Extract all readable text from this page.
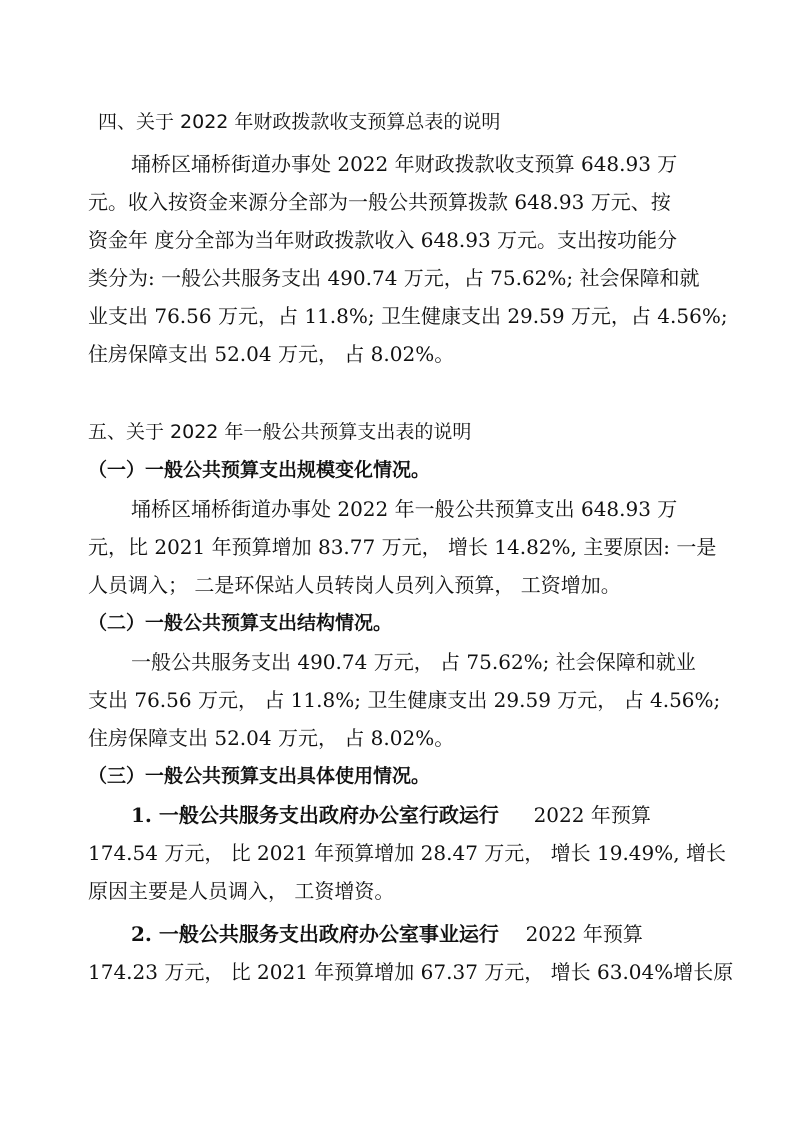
四、关于 2022 年财政拨款收支预算总表的说明
埇桥区埇桥街道办事处 2022 年财政拨款收支预算 648.93 万
元。收入按资金来源分全部为一般公共预算拨款 648.93 万元、按
资金年 度分全部为当年财政拨款收入 648.93 万元。支出按功能分
类分为: 一般公共服务支出 490.74 万元，占 75.62%; 社会保障和就
业支出 76.56 万元，占 11.8%; 卫生健康支出 29.59 万元，占 4.56%;
住房保障支出 52.04 万元， 占 8.02%。
五、关于 2022 年一般公共预算支出表的说明
（一）一般公共预算支出规模变化情况。
埇桥区埇桥街道办事处 2022 年一般公共预算支出 648.93 万
元，比 2021 年预算增加 83.77 万元， 增长 14.82%, 主要原因: 一是
人员调入； 二是环保站人员转岗人员列入预算， 工资增加。
（二）一般公共预算支出结构情况。
一般公共服务支出 490.74 万元， 占 75.62%; 社会保障和就业
支出 76.56 万元， 占 11.8%; 卫生健康支出 29.59 万元， 占 4.56%;
住房保障支出 52.04 万元， 占 8.02%。
（三）一般公共预算支出具体使用情况。
1. 一般公共服务支出政府办公室行政运行 2022 年预算
174.54 万元， 比 2021 年预算增加 28.47 万元， 增长 19.49%, 增长
原因主要是人员调入， 工资增资。
2. 一般公共服务支出政府办公室事业运行 2022 年预算
174.23 万元， 比 2021 年预算增加 67.37 万元， 增长 63.04%增长原
